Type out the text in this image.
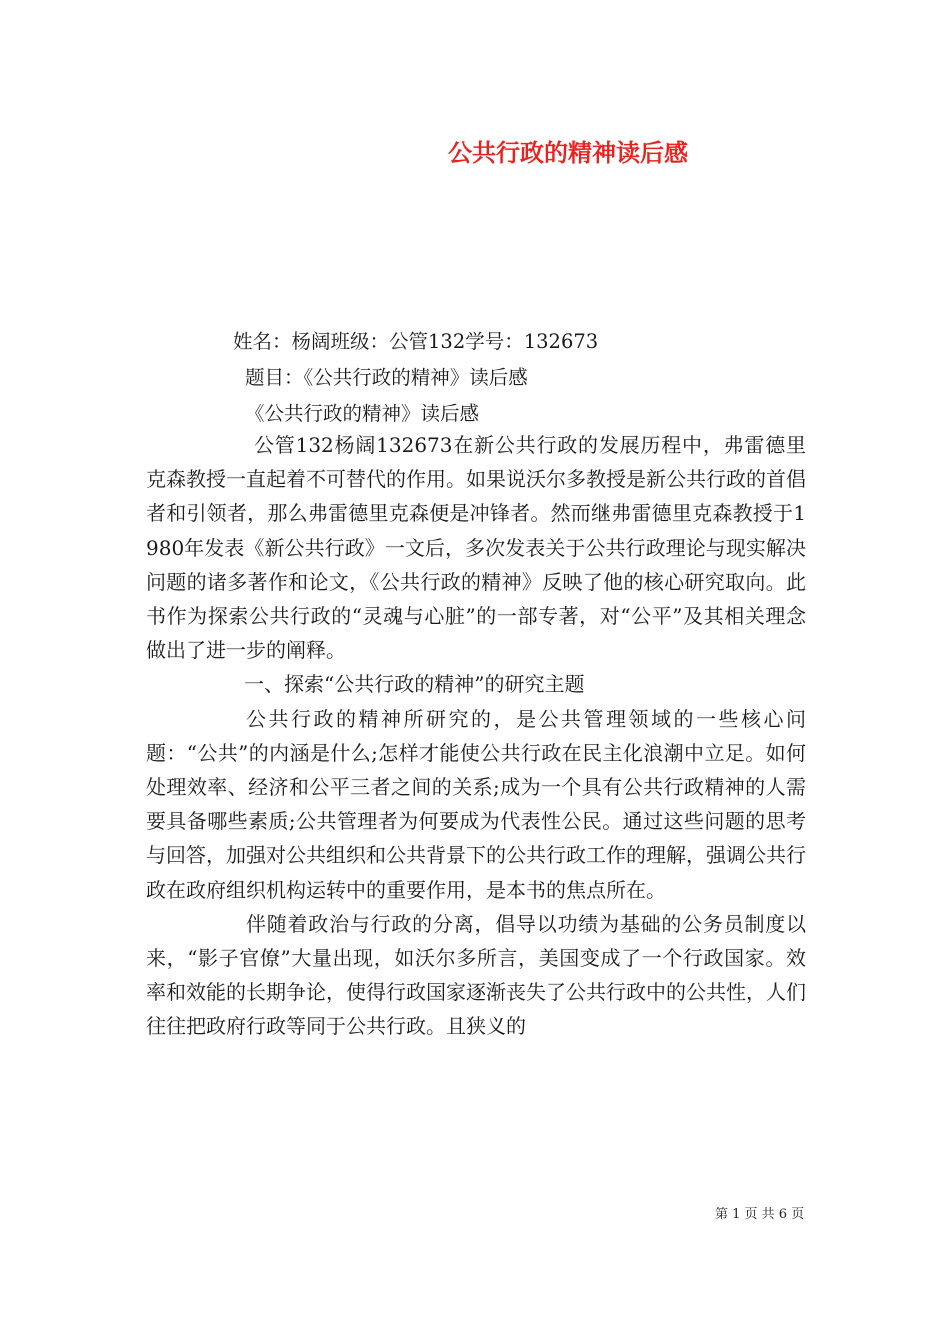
公共行政的精神读后感
姓名：杨阔班级：公管132学号：132673
题目：《公共行政的精神》读后感
《公共行政的精神》读后感

公管132杨阔132673在新公共行政的发展历程中，弗雷德里克森教授一直起着不可替代的作用。如果说沃尔多教授是新公共行政的首倡者和引领者，那么弗雷德里克森便是冲锋者。然而继弗雷德里克森教授于1980年发表《新公共行政》一文后，多次发表关于公共行政理论与现实解决问题的诸多著作和论文，《公共行政的精神》反映了他的核心研究取向。此书作为探索公共行政的“灵魂与心脏”的一部专著，对“公平”及其相关理念做出了进一步的阐释。

一、探索“公共行政的精神”的研究主题

公共行政的精神所研究的，是公共管理领域的一些核心问题：“公共”的内涵是什么;怎样才能使公共行政在民主化浪潮中立足。如何处理效率、经济和公平三者之间的关系;成为一个具有公共行政精神的人需要具备哪些素质;公共管理者为何要成为代表性公民。通过这些问题的思考与回答，加强对公共组织和公共背景下的公共行政工作的理解，强调公共行政在政府组织机构运转中的重要作用，是本书的焦点所在。

伴随着政治与行政的分离，倡导以功绩为基础的公务员制度以来，“影子官僚”大量出现，如沃尔多所言，美国变成了一个行政国家。效率和效能的长期争论，使得行政国家逐渐丧失了公共行政中的公共性，人们往往把政府行政等同于公共行政。且狭义的

第 1 页 共 6 页
